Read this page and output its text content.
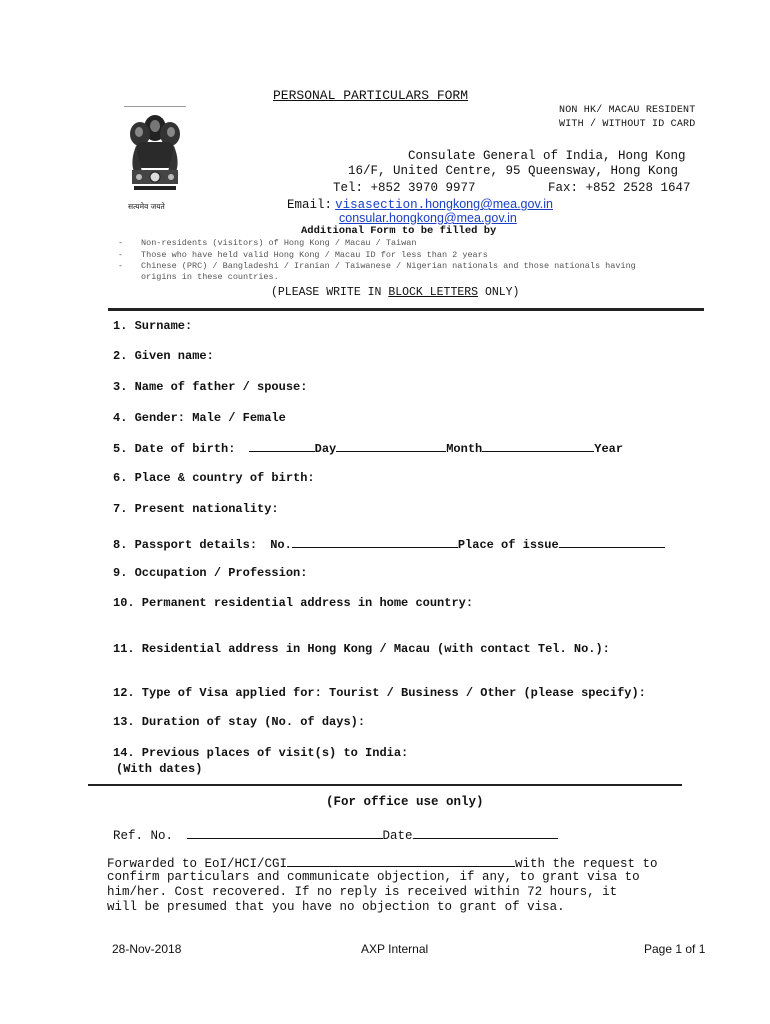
PERSONAL PARTICULARS FORM
NON HK/ MACAU RESIDENT
WITH / WITHOUT ID CARD
सत्यमेव जयते
Consulate General of India, Hong Kong
16/F, United Centre, 95 Queensway, Hong Kong
Tel: +852 3970 9977	Fax: +852 2528 1647
Email: visasection.hongkong@mea.gov.in
consular.hongkong@mea.gov.in
Additional Form to be filled by
- Non-residents (visitors) of Hong Kong / Macau / Taiwan
- Those who have held valid Hong Kong / Macau ID for less than 2 years
- Chinese (PRC) / Bangladeshi / Iranian / Taiwanese / Nigerian nationals and those nationals having
origins in these countries.
(PLEASE WRITE IN BLOCK LETTERS ONLY)
1. Surname:
2. Given name:
3. Name of father / spouse:
4. Gender: Male / Female
5. Date of birth:	Day	Month	Year
6. Place & country of birth:
7. Present nationality:
8. Passport details: No.	Place of issue
9. Occupation / Profession:
10. Permanent residential address in home country:
11. Residential address in Hong Kong / Macau (with contact Tel. No.):
12. Type of Visa applied for: Tourist / Business / Other (please specify):
13. Duration of stay (No. of days):
14. Previous places of visit(s) to India:
(With dates)
(For office use only)
Ref. No.	Date
Forwarded to EoI/HCI/CGI	with the request to
confirm particulars and communicate objection, if any, to grant visa to
him/her. Cost recovered. If no reply is received within 72 hours, it
will be presumed that you have no objection to grant of visa.
28-Nov-2018	AXP Internal	Page 1 of 1
